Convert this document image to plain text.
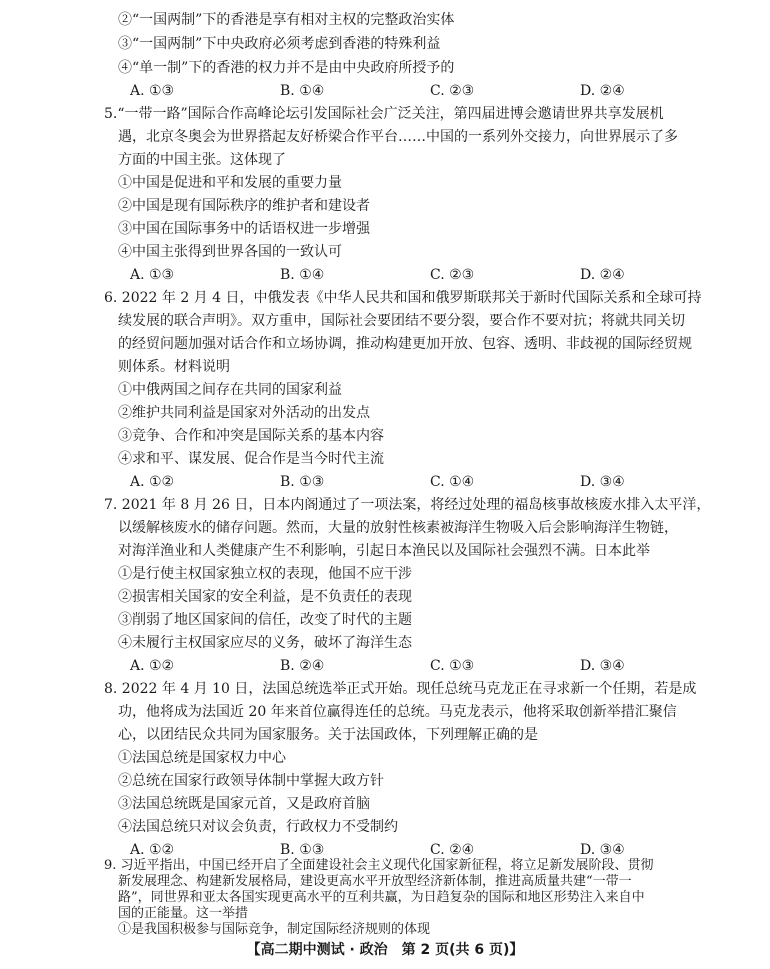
②“一国两制”下的香港是享有相对主权的完整政治实体
③“一国两制”下中央政府必须考虑到香港的特殊利益
④“单一制”下的香港的权力并不是由中央政府所授予的
A. ①③	B. ①④	C. ②③	D. ②④
5.“一带一路”国际合作高峰论坛引发国际社会广泛关注，第四届进博会邀请世界共享发展机
遇，北京冬奥会为世界搭起友好桥梁合作平台……中国的一系列外交接力，向世界展示了多
方面的中国主张。这体现了
①中国是促进和平和发展的重要力量
②中国是现有国际秩序的维护者和建设者
③中国在国际事务中的话语权进一步增强
④中国主张得到世界各国的一致认可
A. ①③	B. ①④	C. ②③	D. ②④
6. 2022 年 2 月 4 日，中俄发表《中华人民共和国和俄罗斯联邦关于新时代国际关系和全球可持
续发展的联合声明》。双方重申，国际社会要团结不要分裂，要合作不要对抗；将就共同关切
的经贸问题加强对话合作和立场协调，推动构建更加开放、包容、透明、非歧视的国际经贸规
则体系。材料说明
①中俄两国之间存在共同的国家利益
②维护共同利益是国家对外活动的出发点
③竞争、合作和冲突是国际关系的基本内容
④求和平、谋发展、促合作是当今时代主流
A. ①②	B. ①③	C. ①④	D. ③④
7. 2021 年 8 月 26 日，日本内阁通过了一项法案，将经过处理的福岛核事故核废水排入太平洋，
以缓解核废水的储存问题。然而，大量的放射性核素被海洋生物吸入后会影响海洋生物链，
对海洋渔业和人类健康产生不利影响，引起日本渔民以及国际社会强烈不满。日本此举
①是行使主权国家独立权的表现，他国不应干涉
②损害相关国家的安全利益，是不负责任的表现
③削弱了地区国家间的信任，改变了时代的主题
④未履行主权国家应尽的义务，破坏了海洋生态
A. ①②	B. ②④	C. ①③	D. ③④
8. 2022 年 4 月 10 日，法国总统选举正式开始。现任总统马克龙正在寻求新一个任期，若是成
功，他将成为法国近 20 年来首位赢得连任的总统。马克龙表示，他将采取创新举措汇聚信
心，以团结民众共同为国家服务。关于法国政体，下列理解正确的是
①法国总统是国家权力中心
②总统在国家行政领导体制中掌握大政方针
③法国总统既是国家元首，又是政府首脑
④法国总统只对议会负责，行政权力不受制约
A. ①②	B. ①③	C. ②④	D. ③④
9. 习近平指出，中国已经开启了全面建设社会主义现代化国家新征程，将立足新发展阶段、贯彻
新发展理念、构建新发展格局，建设更高水平开放型经济新体制，推进高质量共建“一带一
路”，同世界和亚太各国实现更高水平的互利共赢，为日趋复杂的国际和地区形势注入来自中
【高二期中测试 · 政治　第 2 页(共 6 页)】
国的正能量。这一举措
①是我国积极参与国际竞争，制定国际经济规则的体现
